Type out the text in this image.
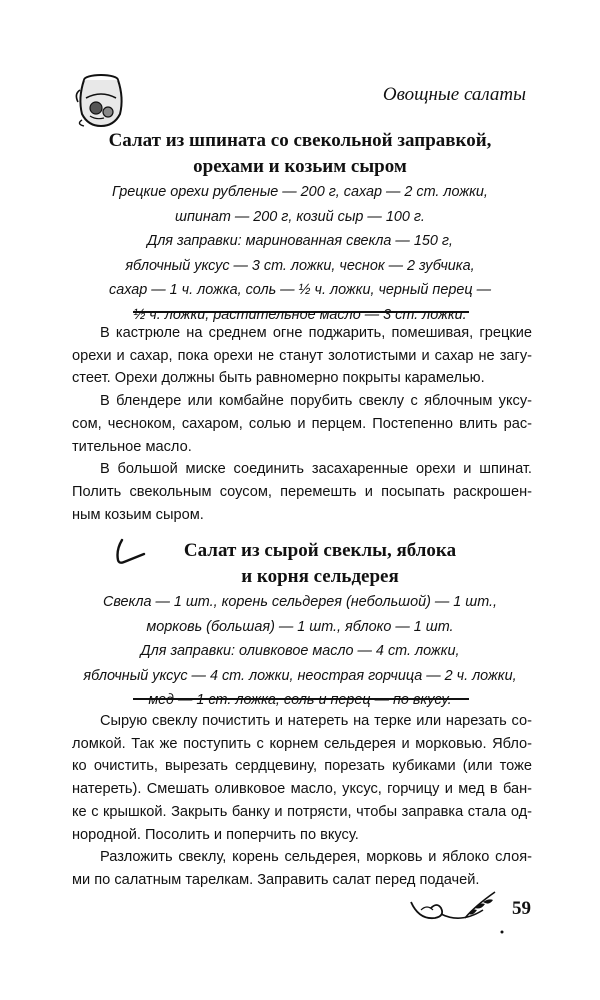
Овощные салаты
Салат из шпината со свекольной заправкой,
орехами и козьим сыром
Грецкие орехи рубленые — 200 г, сахар — 2 ст. ложки,
шпинат — 200 г, козий сыр — 100 г.
Для заправки: маринованная свекла — 150 г,
яблочный уксус — 3 ст. ложки, чеснок — 2 зубчика,
сахар — 1 ч. ложка, соль — ½ ч. ложки, черный перец —
½ ч. ложки, растительное масло — 3 ст. ложки.
В кастрюле на среднем огне поджарить, помешивая, грецкие
орехи и сахар, пока орехи не станут золотистыми и сахар не загу-
стеет. Орехи должны быть равномерно покрыты карамелью.
В блендере или комбайне порубить свеклу с яблочным уксу-
сом, чесноком, сахаром, солью и перцем. Постепенно влить рас-
тительное масло.
В большой миске соединить засахаренные орехи и шпинат.
Полить свекольным соусом, перемешть и посыпать раскрошен-
ным козьим сыром.
Салат из сырой свеклы, яблока
и корня сельдерея
Свекла — 1 шт., корень сельдерея (небольшой) — 1 шт.,
морковь (большая) — 1 шт., яблоко — 1 шт.
Для заправки: оливковое масло — 4 ст. ложки,
яблочный уксус — 4 ст. ложки, неострая горчица — 2 ч. ложки,
мед — 1 ст. ложка, соль и перец — по вкусу.
Сырую свеклу почистить и натереть на терке или нарезать со-
ломкой. Так же поступить с корнем сельдерея и морковью. Ябло-
ко очистить, вырезать сердцевину, порезать кубиками (или тоже
натереть). Смешать оливковое масло, уксус, горчицу и мед в бан-
ке с крышкой. Закрыть банку и потрясти, чтобы заправка стала од-
нородной. Посолить и поперчить по вкусу.
Разложить свеклу, корень сельдерея, морковь и яблоко слоя-
ми по салатным тарелкам. Заправить салат перед подачей.
59
